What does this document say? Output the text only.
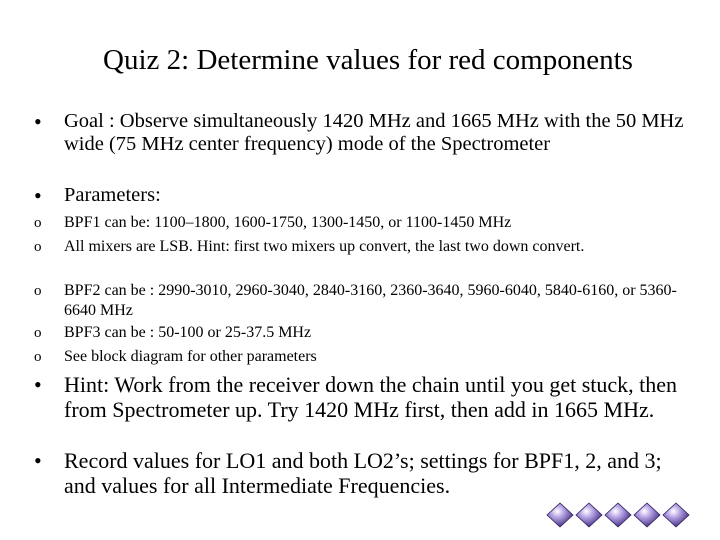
Quiz 2: Determine values for red components
• Goal : Observe simultaneously 1420 MHz and 1665 MHz with the 50 MHz wide (75 MHz center frequency) mode of the Spectrometer
• Parameters:
o BPF1 can be: 1100–1800, 1600-1750, 1300-1450, or 1100-1450 MHz
o All mixers are LSB. Hint: first two mixers up convert, the last two down convert.
o BPF2 can be : 2990-3010, 2960-3040, 2840-3160, 2360-3640, 5960-6040, 5840-6160, or 5360-6640 MHz
o BPF3 can be : 50-100 or 25-37.5 MHz
o See block diagram for other parameters
• Hint: Work from the receiver down the chain until you get stuck, then from Spectrometer up. Try 1420 MHz first, then add in 1665 MHz.
• Record values for LO1 and both LO2’s; settings for BPF1, 2, and 3; and values for all Intermediate Frequencies.
